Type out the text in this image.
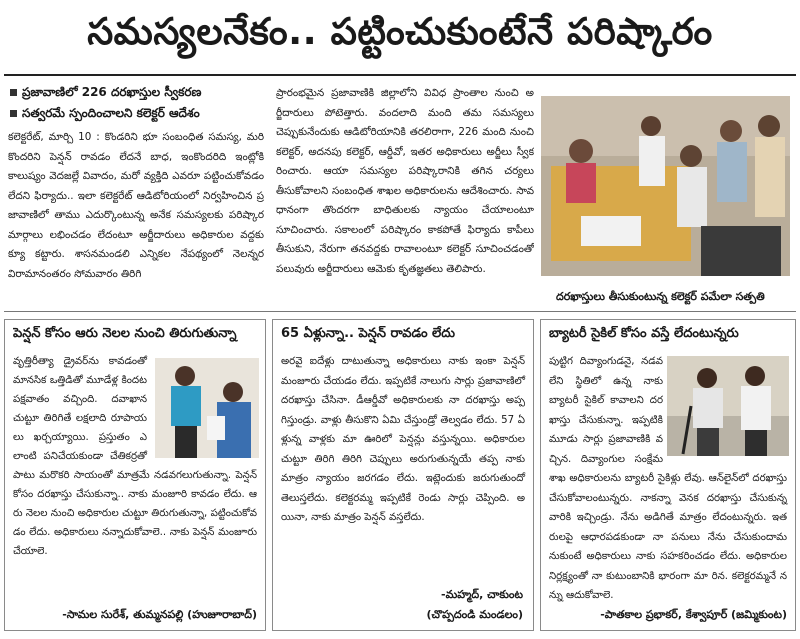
సమస్యలనేకం.. పట్టించుకుంటేనే పరిష్కారం
ప్రజావాణిలో 226 దరఖాస్తుల స్వీకరణ
సత్వరమే స్పందించాలని కలెక్టర్ ఆదేశం

కలెక్టరేట్, మార్చి 10 : కొండరిని భూ సంబంధిత సమస్య, మరి కొందరిని పెన్షన్ రావడం లేదనే బాధ, ఇంకొందరిది ఇంట్లోకి కాలుష్యం వెదజల్లే వివాదం, మరో వ్యక్తిది ఎవరూ పట్టించుకోవడం లేదని ఫిర్యాదు.. ఇలా కలెక్టరేట్ ఆడిటోరియంలో నిర్వహించిన ప్రజావాణిలో తాము ఎదుర్కొంటున్న అనేక సమస్యలకు పరిష్కారమార్గాలు లభించడం లేదంటూ అర్జీదారులు అధికారుల వద్దకు క్యూ కట్టారు. శాసనమండలి ఎన్నికల నేపథ్యంలో నెలన్నర విరామానంతరం సోమవారం తిరిగి

ప్రారంభమైన ప్రజావాణికి జిల్లాలోని వివిధ ప్రాంతాల నుంచి అర్జీదారులు పోటెత్తారు. వందలాది మంది తమ సమస్యలు చెప్పుకునేందుకు ఆడిటోరియానికి తరలిరాగా, 226 మంది నుంచి కలెక్టర్, అదనపు కలెక్టర్, ఆర్డీవో, ఇతర అధికారులు అర్జీలు స్వీకరించారు. ఆయా సమస్యల పరిష్కారానికి తగిన చర్యలు తీసుకోవాలని సంబంధిత శాఖల అధికారులను ఆదేశించారు. సావధానంగా తొందరగా బాధితులకు న్యాయం చేయాలంటూ సూచించారు. సకాలంలో పరిష్కారం కాకపోతే ఫిర్యాదు కాపీలు తీసుకుని, నేరుగా తనవద్దకు రావాలంటూ కలెక్టర్ సూచించడంతో పలువురు అర్జీదారులు ఆమెకు కృతజ్ఞతలు తెలిపారు.

దరఖాస్తులు తీసుకుంటున్న కలెక్టర్ పమేలా సత్పతి
పెన్షన్ కోసం ఆరు నెలల నుంచి తిరుగుతున్నా

వృత్తిరీత్యా డ్రైవర్‌ను కావడంతో మానసిక ఒత్తిడితో మూడేళ్ల కిందట పక్షవాతం వచ్చింది. దవాఖాన చుట్టూ తిరిగితే లక్షలాది రూపాయలు ఖర్చయ్యాయి. ప్రస్తుతం ఎలాంటి పనిచేయకుండా చేతికర్రతో పాటు మరొకరి సాయంతో మాత్రమే నడవగలుగుతున్నా. పెన్షన్ కోసం దరఖాస్తు చేసుకున్నా.. నాకు మంజూరి కావడం లేదు. ఆరు నెలల నుంచి అధికారుల చుట్టూ తిరుగుతున్నా, పట్టించుకోవడం లేదు. అధికారులు నన్నాదుకోవాలె.. నాకు పెన్షన్ మంజూరు చేయాలె.

-సామల సురేశ్, తుమ్మనపల్లి (హుజూరాబాద్)
65 ఏళ్లున్నా.. పెన్షన్ రావడం లేదు

అరవై ఐదేళ్లు దాటుతున్నా అధికారులు నాకు ఇంకా పెన్షన్ మంజూరు చేయడం లేదు. ఇప్పటికే నాలుగు సార్లు ప్రజావాణిలో దరఖాస్తు చేసినా. డీఆర్డీవో అధికారులకు నా దరఖాస్తు అప్పగిస్తుండ్రు. వాళ్లు తీసుకొని ఏమి చేస్తుండ్రో తెల్వడం లేదు. 57 ఏళ్లున్న వాళ్లకు మా ఊరిలో పెన్షన్లు వస్తున్నయి. అధికారుల చుట్టూ తిరిగి తిరిగి చెప్పులు అరుగుతున్నయే తప్ప నాకు మాత్రం న్యాయం జరగడం లేదు. ఇట్లెందుకు జరుగుతుందో తెలుస్తలేదు. కలెక్టరమ్మ ఇప్పటికే రెండు సార్లు చెప్పింది. అయినా, నాకు మాత్రం పెన్షన్ వస్తలేదు.

-మహ్మద్, చాకుంట
(చొప్పదండి మండలం)
బ్యాటరీ సైకిల్ కోసం వస్తే లేదంటున్నరు

పుట్టిగ దివ్యాంగుడనై, నడవలేని స్థితిలో ఉన్న నాకు బ్యాటరీ సైకిల్ కావాలని దరఖాస్తు చేసుకున్నా. ఇప్పటికి మూడు సార్లు ప్రజావాణికి వచ్చిన. దివ్యాంగుల సంక్షేమ శాఖ అధికారులను బ్యాటరీ సైకిళ్లు లేవు. ఆన్‌లైన్‌లో దరఖాస్తు చేసుకోవాలంటున్నరు. నాకన్నా వెనక దరఖాస్తు చేసుకున్న వారికి ఇచ్చిండ్రు. నేను అడిగితే మాత్రం లేదంటున్నరు. ఇతరులపై ఆధారపడకుండా నా పనులు నేను చేసుకుందామనుకుంటే అధికారులు నాకు సహకరించడం లేదు. అధికారుల నిర్లక్ష్యంతో నా కుటుంబానికి భారంగా మా రిన. కలెక్టరమ్మనే నన్ను ఆదుకోవాలె.

-పాతకాల ప్రభాకర్, కేశ్వాపూర్ (జమ్మికుంట)
